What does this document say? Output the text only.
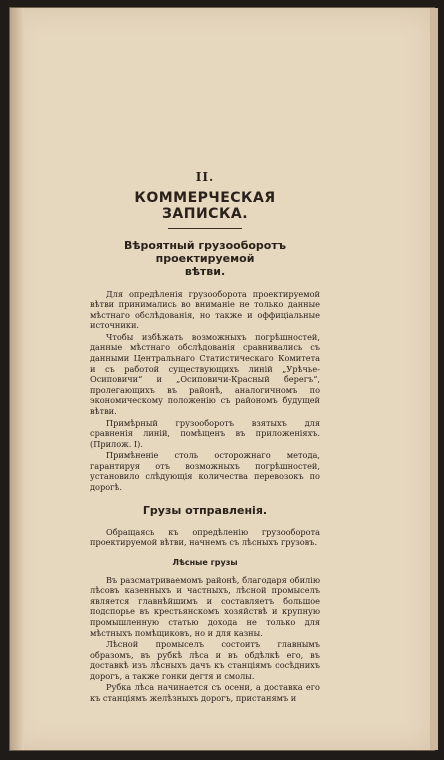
II.
КОММЕРЧЕСКАЯ ЗАПИСКА.
Вѣроятный грузооборотъ проектируемой
вѣтви.

Для опредѣленія грузооборота проектируемой вѣтви принимались во вниманіе не только данные мѣстнаго обслѣдованія, но также и оффиціальные источники.

Чтобы избѣжать возможныхъ погрѣшностей, данные мѣстнаго обслѣдованія сравнивались съ данными Центральнаго Статистическаго Комитета и съ работой существующихъ линій „Урѣчье-Осиповичи“ и „Осиповичи-Красный берегъ“, пролегающихъ въ районѣ, аналогичномъ по экономическому положенію съ райономъ будущей вѣтви.

Примѣрный грузооборотъ взятыхъ для сравненія линій, помѣщенъ въ приложеніяхъ. (Прилож. I).

Примѣненіе столь осторожнаго метода, гарантируя отъ возможныхъ погрѣшностей, установило слѣдующія количества перевозокъ по дорогѣ.

Грузы отправленія.

Обращаясь къ опредѣленію грузооборота проектируемой вѣтви, начнемъ съ лѣсныхъ грузовъ.

Лѣсные грузы

Въ разсматриваемомъ районѣ, благодаря обилію лѣсовъ казенныхъ и частныхъ, лѣсной промыселъ является главнѣйшимъ и составляетъ большое подспорье въ крестьянскомъ хозяйствѣ и крупную промышленную статью дохода не только для мѣстныхъ помѣщиковъ, но и для казны.

Лѣсной промыселъ состоитъ главнымъ образомъ, въ рубкѣ лѣса и въ обдѣлкѣ его, въ доставкѣ изъ лѣсныхъ дачъ къ станціямъ сосѣднихъ дорогъ, а также гонки дегтя и смолы.

Рубка лѣса начинается съ осени, а доставка его къ станціямъ желѣзныхъ дорогъ, пристанямъ и
